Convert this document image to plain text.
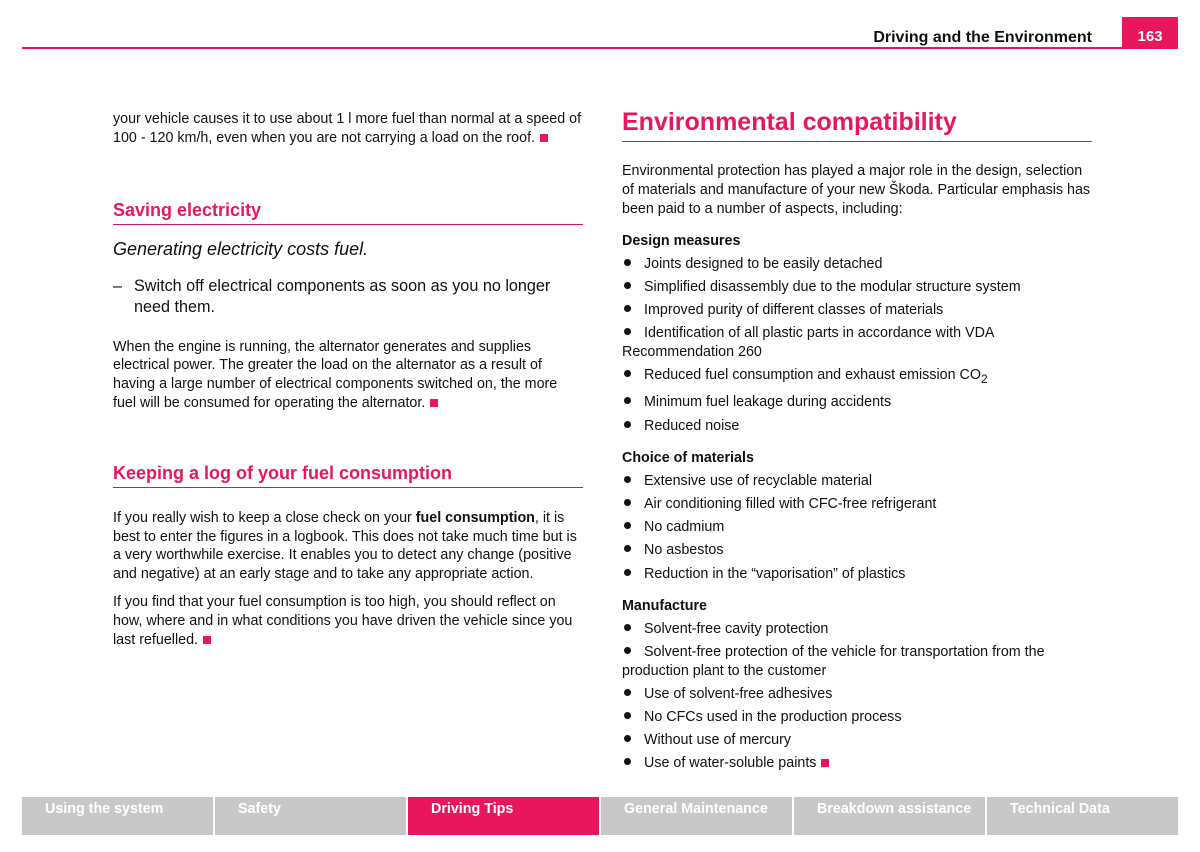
Driving and the Environment	163

your vehicle causes it to use about 1 l more fuel than normal at a speed of 100 - 120 km/h, even when you are not carrying a load on the roof.

Saving electricity

Generating electricity costs fuel.

– Switch off electrical components as soon as you no longer need them.

When the engine is running, the alternator generates and supplies electrical power. The greater the load on the alternator as a result of having a large number of electrical components switched on, the more fuel will be consumed for operating the alternator.

Keeping a log of your fuel consumption

If you really wish to keep a close check on your fuel consumption, it is best to enter the figures in a logbook. This does not take much time but is a very worthwhile exercise. It enables you to detect any change (positive and negative) at an early stage and to take any appropriate action.

If you find that your fuel consumption is too high, you should reflect on how, where and in what conditions you have driven the vehicle since you last refuelled.

Environmental compatibility

Environmental protection has played a major role in the design, selection of materials and manufacture of your new Škoda. Particular emphasis has been paid to a number of aspects, including:

Design measures
Joints designed to be easily detached
Simplified disassembly due to the modular structure system
Improved purity of different classes of materials
Identification of all plastic parts in accordance with VDA Recommendation 260
Reduced fuel consumption and exhaust emission $CO_2$
Minimum fuel leakage during accidents
Reduced noise
Choice of materials
Extensive use of recyclable material
Air conditioning filled with CFC-free refrigerant
No cadmium
No asbestos
Reduction in the “vaporisation” of plastics
Manufacture
Solvent-free cavity protection
Solvent-free protection of the vehicle for transportation from the production plant to the customer
Use of solvent-free adhesives
No CFCs used in the production process
Without use of mercury
Use of water-soluble paints
Using the system	Safety	Driving Tips	General Maintenance	Breakdown assistance	Technical Data
